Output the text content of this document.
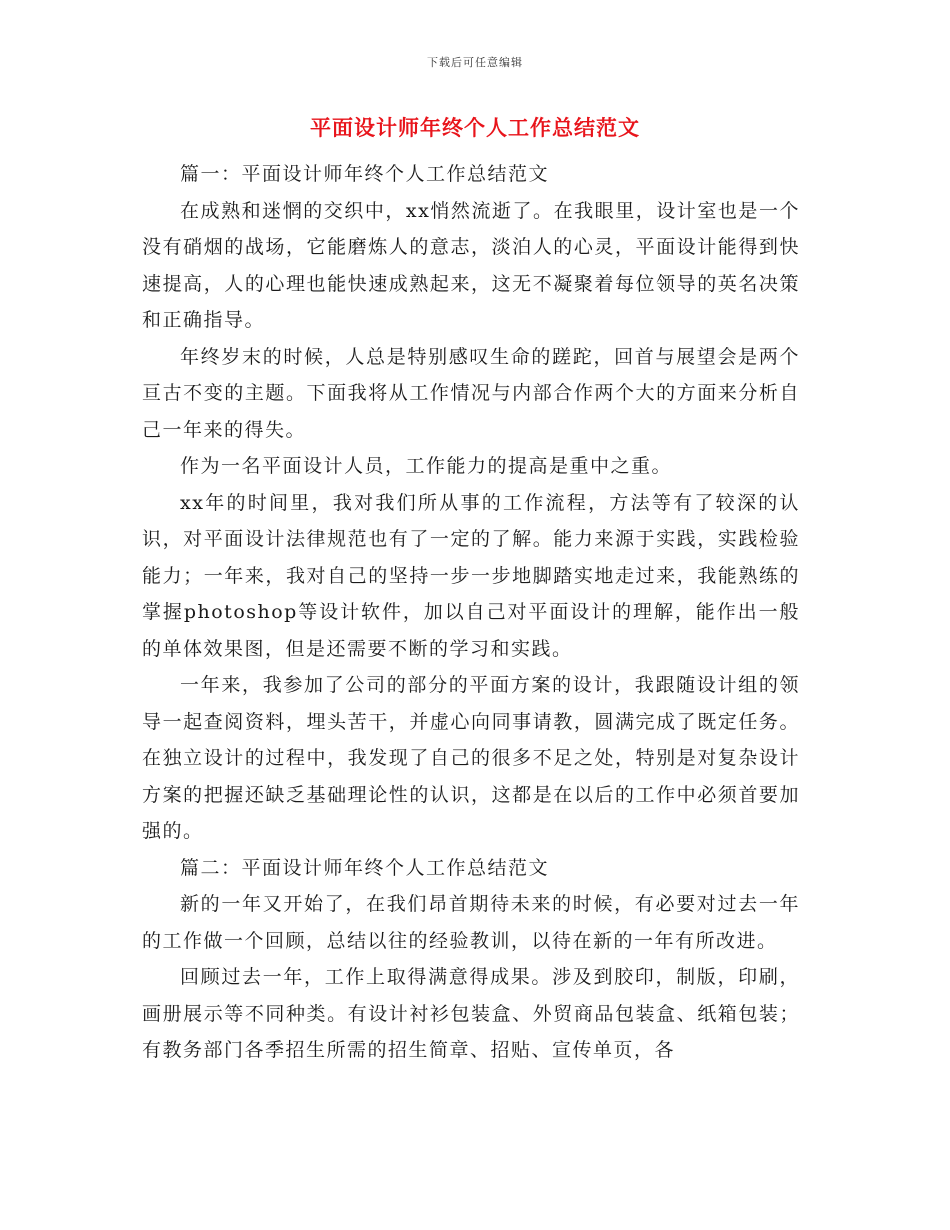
下载后可任意编辑
平面设计师年终个人工作总结范文

篇一：平面设计师年终个人工作总结范文

在成熟和迷惘的交织中，xx悄然流逝了。在我眼里，设计室也是一个没有硝烟的战场，它能磨炼人的意志，淡泊人的心灵，平面设计能得到快速提高，人的心理也能快速成熟起来，这无不凝聚着每位领导的英名决策和正确指导。

年终岁末的时候，人总是特别感叹生命的蹉跎，回首与展望会是两个亘古不变的主题。下面我将从工作情况与内部合作两个大的方面来分析自己一年来的得失。

作为一名平面设计人员，工作能力的提高是重中之重。

xx年的时间里，我对我们所从事的工作流程，方法等有了较深的认识，对平面设计法律规范也有了一定的了解。能力来源于实践，实践检验能力；一年来，我对自己的坚持一步一步地脚踏实地走过来，我能熟练的掌握photoshop等设计软件，加以自己对平面设计的理解，能作出一般的单体效果图，但是还需要不断的学习和实践。

一年来，我参加了公司的部分的平面方案的设计，我跟随设计组的领导一起查阅资料，埋头苦干，并虚心向同事请教，圆满完成了既定任务。在独立设计的过程中，我发现了自己的很多不足之处，特别是对复杂设计方案的把握还缺乏基础理论性的认识，这都是在以后的工作中必须首要加强的。

篇二：平面设计师年终个人工作总结范文

新的一年又开始了，在我们昂首期待未来的时候，有必要对过去一年的工作做一个回顾，总结以往的经验教训，以待在新的一年有所改进。

回顾过去一年，工作上取得满意得成果。涉及到胶印，制版，印刷，画册展示等不同种类。有设计衬衫包装盒、外贸商品包装盒、纸箱包装；有教务部门各季招生所需的招生简章、招贴、宣传单页，各
